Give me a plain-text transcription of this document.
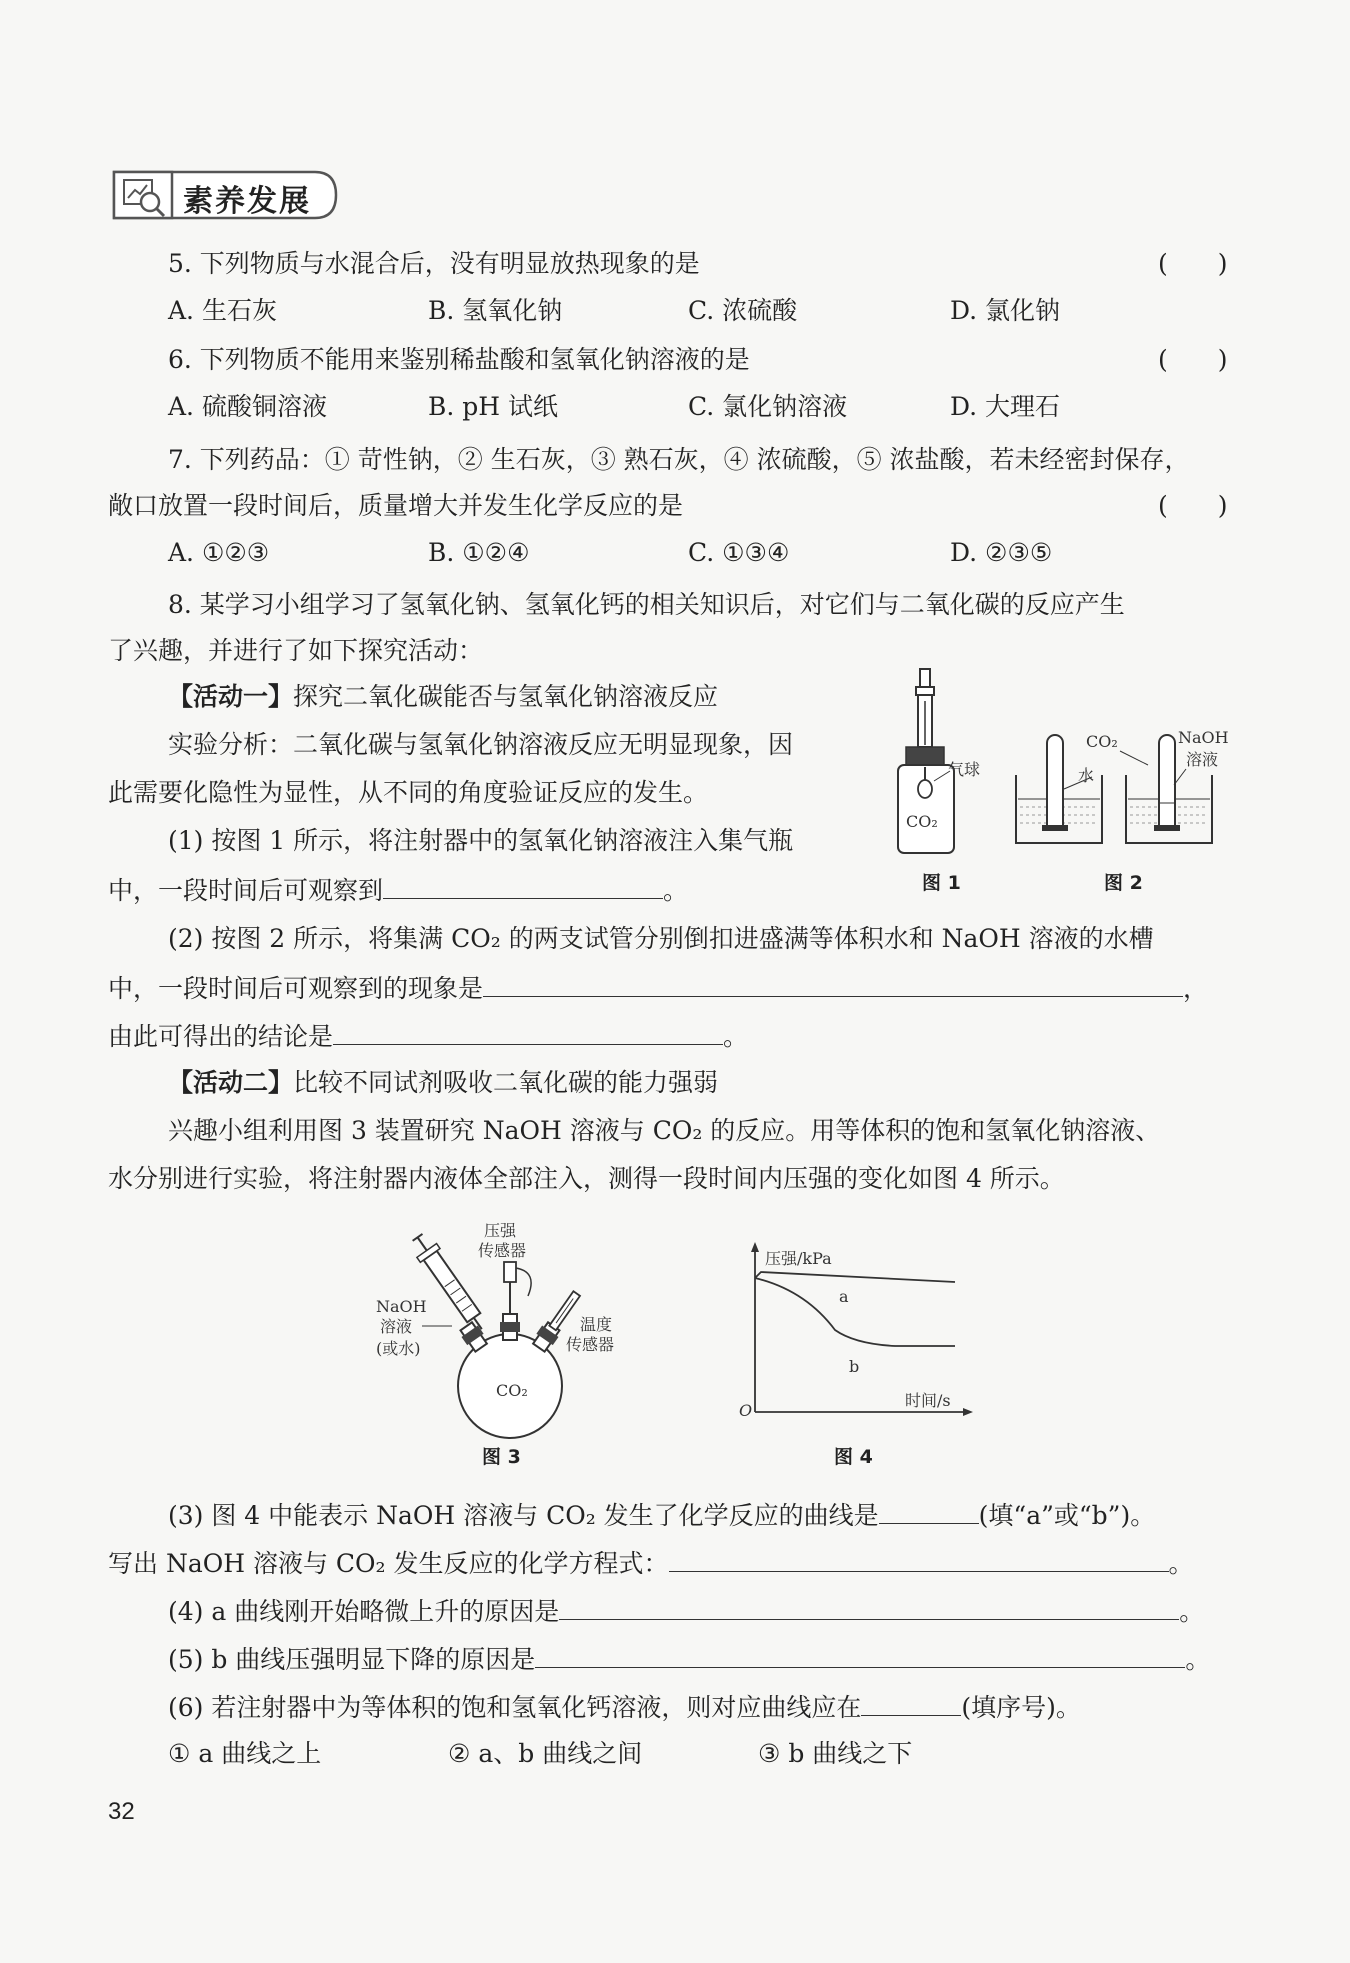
素养发展
5. 下列物质与水混合后，没有明显放热现象的是	(　　)
A. 生石灰	B. 氢氧化钠	C. 浓硫酸	D. 氯化钠
6. 下列物质不能用来鉴别稀盐酸和氢氧化钠溶液的是	(　　)
A. 硫酸铜溶液	B. pH 试纸	C. 氯化钠溶液	D. 大理石
7. 下列药品：① 苛性钠，② 生石灰，③ 熟石灰，④ 浓硫酸，⑤ 浓盐酸，若未经密封保存，
敞口放置一段时间后，质量增大并发生化学反应的是	(　　)
A. ①②③	B. ①②④	C. ①③④	D. ②③⑤
8. 某学习小组学习了氢氧化钠、氢氧化钙的相关知识后，对它们与二氧化碳的反应产生
了兴趣，并进行了如下探究活动：
【活动一】探究二氧化碳能否与氢氧化钠溶液反应
实验分析：二氧化碳与氢氧化钠溶液反应无明显现象，因
此需要化隐性为显性，从不同的角度验证反应的发生。
(1) 按图 1 所示，将注射器中的氢氧化钠溶液注入集气瓶
中，一段时间后可观察到	。
气球
CO₂
图 1
CO₂
水
NaOH
溶液
图 2
(2) 按图 2 所示，将集满 CO₂ 的两支试管分别倒扣进盛满等体积水和 NaOH 溶液的水槽
中，一段时间后可观察到的现象是	，
由此可得出的结论是	。
【活动二】比较不同试剂吸收二氧化碳的能力强弱
兴趣小组利用图 3 装置研究 NaOH 溶液与 CO₂ 的反应。用等体积的饱和氢氧化钠溶液、
水分别进行实验，将注射器内液体全部注入，测得一段时间内压强的变化如图 4 所示。
压强
传感器
NaOH
溶液
(或水)
温度
传感器
CO₂
图 3
压强/kPa
时间/s
O
a
b
图 4
(3) 图 4 中能表示 NaOH 溶液与 CO₂ 发生了化学反应的曲线是	(填“a”或“b”)。
写出 NaOH 溶液与 CO₂ 发生反应的化学方程式：	。
(4) a 曲线刚开始略微上升的原因是	。
(5) b 曲线压强明显下降的原因是	。
(6) 若注射器中为等体积的饱和氢氧化钙溶液，则对应曲线应在	(填序号)。
① a 曲线之上	② a、b 曲线之间	③ b 曲线之下
32
